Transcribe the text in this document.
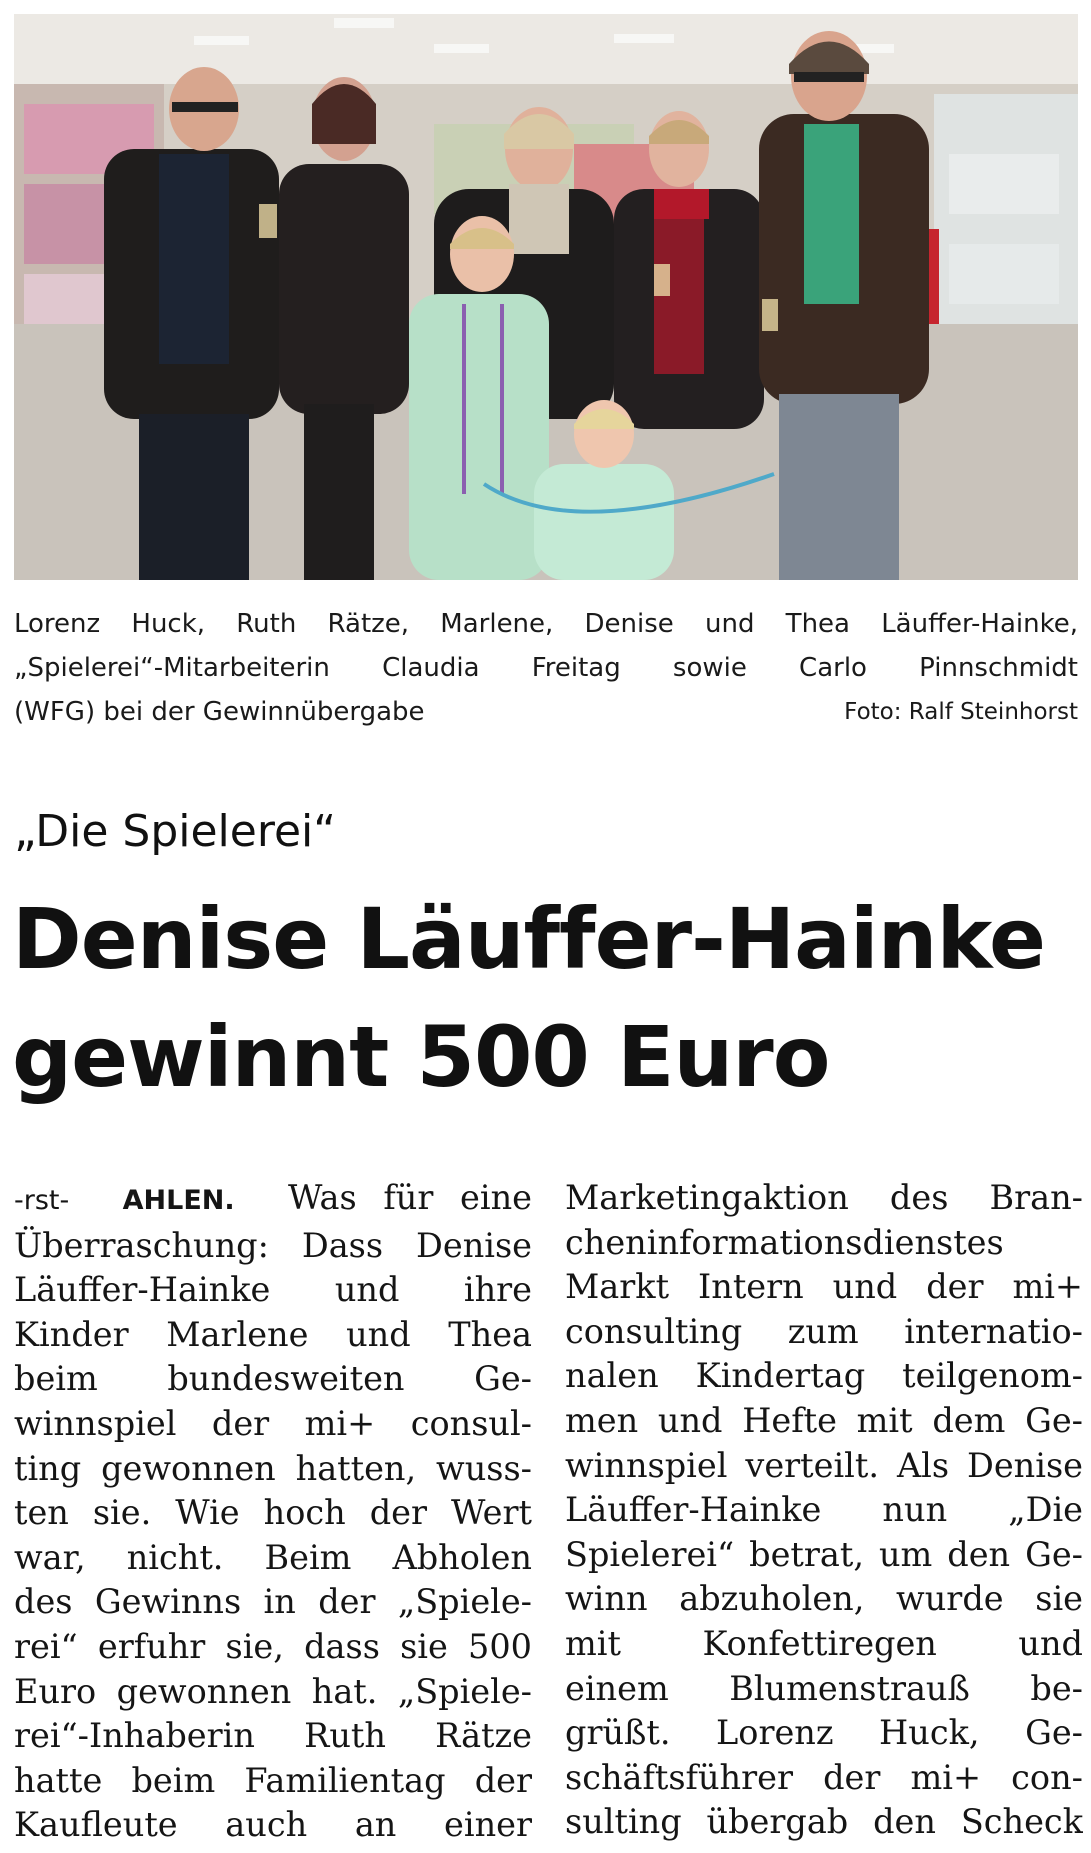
Lorenz Huck, Ruth Rätze, Marlene, Denise und Thea Läuffer-Hainke,
„Spielerei“-Mitarbeiterin Claudia Freitag sowie Carlo Pinnschmidt
(WFG) bei der Gewinnübergabe	Foto: Ralf Steinhorst
„Die Spielerei“
Denise Läuffer-Hainke
gewinnt 500 Euro
-rst- AHLEN. Was für eine
Überraschung: Dass Denise
Läuffer-Hainke und ihre
Kinder Marlene und Thea
beim bundesweiten Ge-
winnspiel der mi+ consul-
ting gewonnen hatten, wuss-
ten sie. Wie hoch der Wert
war, nicht. Beim Abholen
des Gewinns in der „Spiele-
rei“ erfuhr sie, dass sie 500
Euro gewonnen hat. „Spiele-
rei“-Inhaberin Ruth Rätze
hatte beim Familientag der
Kaufleute auch an einer
Marketingaktion des Bran-
cheninformationsdienstes
Markt Intern und der mi+
consulting zum internatio-
nalen Kindertag teilgenom-
men und Hefte mit dem Ge-
winnspiel verteilt. Als Denise
Läuffer-Hainke nun „Die
Spielerei“ betrat, um den Ge-
winn abzuholen, wurde sie
mit Konfettiregen und
einem Blumenstrauß be-
grüßt. Lorenz Huck, Ge-
schäftsführer der mi+ con-
sulting übergab den Scheck
